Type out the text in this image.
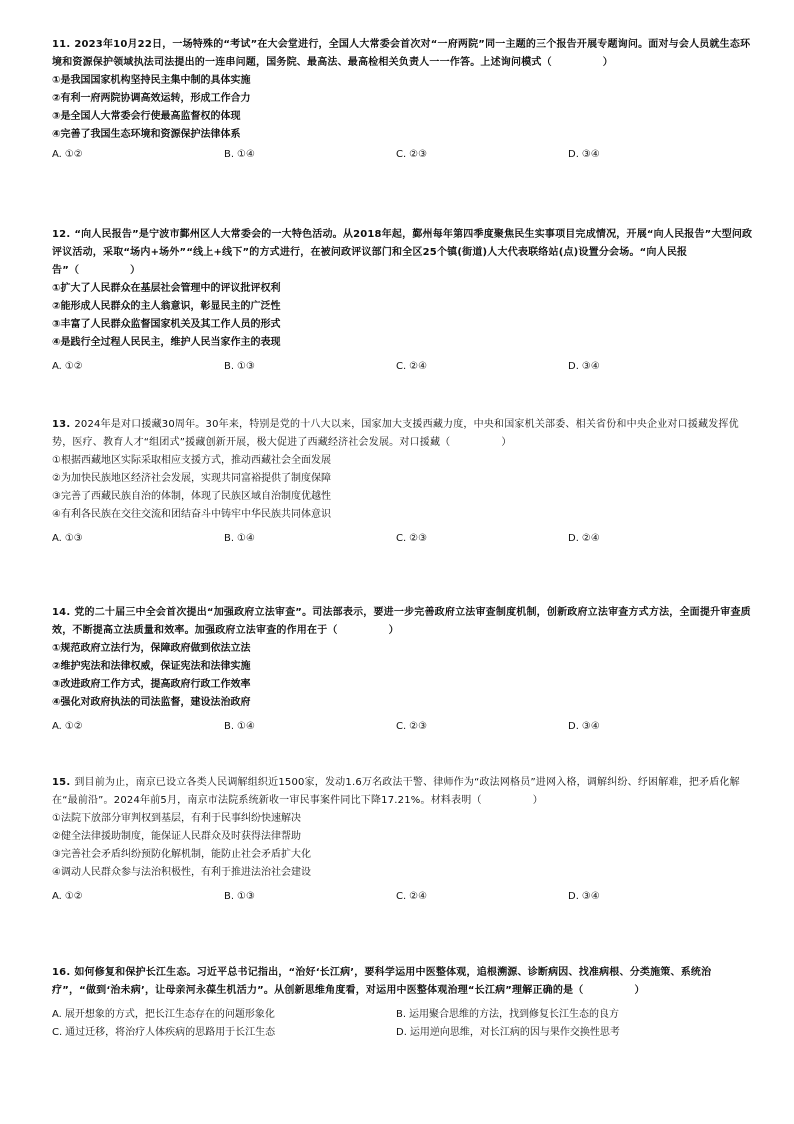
11. 2023年10月22日，一场特殊的“考试”在大会堂进行，全国人大常委会首次对“一府两院”同一主题的三个报告开展专题询问。面对与会人员就生态环境和资源保护领域执法司法提出的一连串问题，国务院、最高法、最高检相关负责人一一作答。上述询问模式（　　　　　）

①是我国国家机构坚持民主集中制的具体实施

②有利一府两院协调高效运转，形成工作合力

③是全国人大常委会行使最高监督权的体现

④完善了我国生态环境和资源保护法律体系

A. ①②	B. ①④	C. ②③	D. ③④

12. “向人民报告”是宁波市鄞州区人大常委会的一大特色活动。从2018年起，鄞州每年第四季度聚焦民生实事项目完成情况，开展“向人民报告”大型问政评议活动，采取“场内+场外”“线上+线下”的方式进行，在被问政评议部门和全区25个镇(街道)人大代表联络站(点)设置分会场。“向人民报告”（　　　　　）

①扩大了人民群众在基层社会管理中的评议批评权利

②能形成人民群众的主人翁意识，彰显民主的广泛性

③丰富了人民群众监督国家机关及其工作人员的形式

④是践行全过程人民民主，维护人民当家作主的表现

A. ①②	B. ①③	C. ②④	D. ③④

13. 2024年是对口援藏30周年。30年来，特别是党的十八大以来，国家加大支援西藏力度，中央和国家机关部委、相关省份和中央企业对口援藏发挥优势，医疗、教育人才“组团式”援藏创新开展，极大促进了西藏经济社会发展。对口援藏（　　　　　）

①根据西藏地区实际采取相应支援方式，推动西藏社会全面发展

②为加快民族地区经济社会发展，实现共同富裕提供了制度保障

③完善了西藏民族自治的体制，体现了民族区域自治制度优越性

④有利各民族在交往交流和团结奋斗中铸牢中华民族共同体意识

A. ①③	B. ①④	C. ②③	D. ②④

14. 党的二十届三中全会首次提出“加强政府立法审查”。司法部表示，要进一步完善政府立法审查制度机制，创新政府立法审查方式方法，全面提升审查质效，不断提高立法质量和效率。加强政府立法审查的作用在于（　　　　　）

①规范政府立法行为，保障政府做到依法立法

②维护宪法和法律权威，保证宪法和法律实施

③改进政府工作方式，提高政府行政工作效率

④强化对政府执法的司法监督，建设法治政府

A. ①②	B. ①④	C. ②③	D. ③④

15. 到目前为止，南京已设立各类人民调解组织近1500家，发动1.6万名政法干警、律师作为“政法网格员”进网入格，调解纠纷、纾困解难，把矛盾化解在“最前沿”。2024年前5月，南京市法院系统新收一审民事案件同比下降17.21%。材料表明（　　　　　）

①法院下放部分审判权到基层，有利于民事纠纷快速解决

②健全法律援助制度，能保证人民群众及时获得法律帮助

③完善社会矛盾纠纷预防化解机制，能防止社会矛盾扩大化

④调动人民群众参与法治积极性，有利于推进法治社会建设

A. ①②	B. ①③	C. ②④	D. ③④

16. 如何修复和保护长江生态。习近平总书记指出，“治好‘长江病’，要科学运用中医整体观，追根溯源、诊断病因、找准病根、分类施策、系统治疗”，“做到‘治未病’，让母亲河永葆生机活力”。从创新思维角度看，对运用中医整体观治理“长江病”理解正确的是（　　　　　）

A. 展开想象的方式，把长江生态存在的问题形象化	B. 运用聚合思维的方法，找到修复长江生态的良方
C. 通过迁移，将治疗人体疾病的思路用于长江生态	D. 运用逆向思维，对长江病的因与果作交换性思考
